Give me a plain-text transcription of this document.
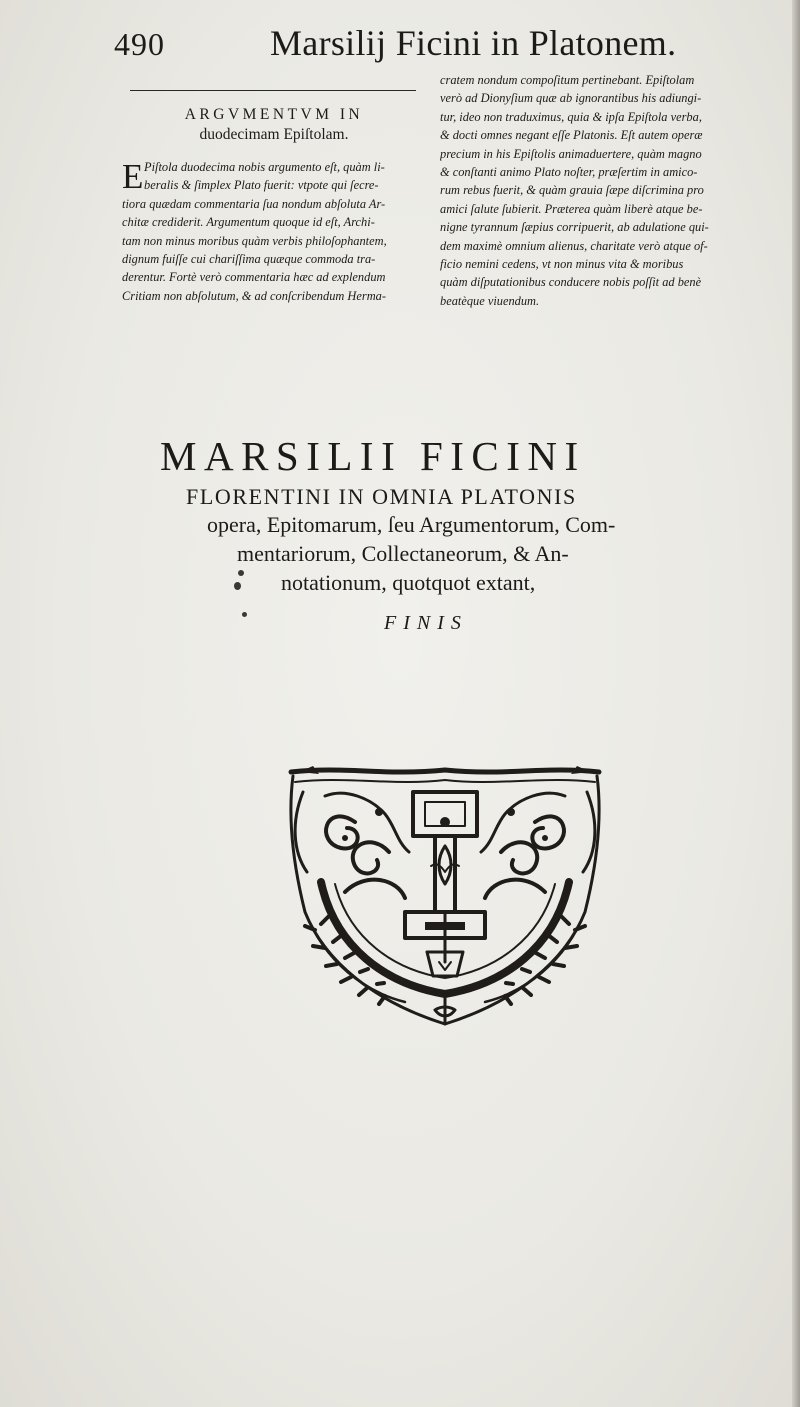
490	Marsilij Ficini in Platonem.
ARGVMENTVM IN
duodecimam Epiſtolam.
E Piſtola duodecima nobis argumento eſt, quàm li-
beralis & ſimplex Plato fuerit: vtpote qui ſecre-
tiora quædam commentaria ſua nondum abſoluta Ar-
chitæ crediderit. Argumentum quoque id eſt, Archi-
tam non minus moribus quàm verbis philoſophantem,
dignum fuiſſe cui chariſſima quæque commoda tra-
derentur. Fortè verò commentaria hæc ad explendum
Critiam non abſolutum, & ad conſcribendum Herma-
cratem nondum compoſitum pertinebant. Epiſtolam
verò ad Dionyſium quæ ab ignorantibus his adiungi-
tur, ideo non traduximus, quia & ipſa Epiſtola verba,
& docti omnes negant eſſe Platonis. Eſt autem operæ
precium in his Epiſtolis animaduertere, quàm magno
& conſtanti animo Plato noſter, præſertim in amico-
rum rebus fuerit, & quàm grauia ſæpe diſcrimina pro
amici ſalute ſubierit. Præterea quàm liberè atque be-
nigne tyrannum ſæpius corripuerit, ab adulatione qui-
dem maximè omnium alienus, charitate verò atque of-
ficio nemini cedens, vt non minus vita & moribus
quàm diſputationibus conducere nobis poſſit ad benè
beatèque viuendum.
MARSILII FICINI
FLORENTINI IN OMNIA PLATONIS
opera, Epitomarum, ſeu Argumentorum, Com-
mentariorum, Collectaneorum, & An-
notationum, quotquot extant,
FINIS
